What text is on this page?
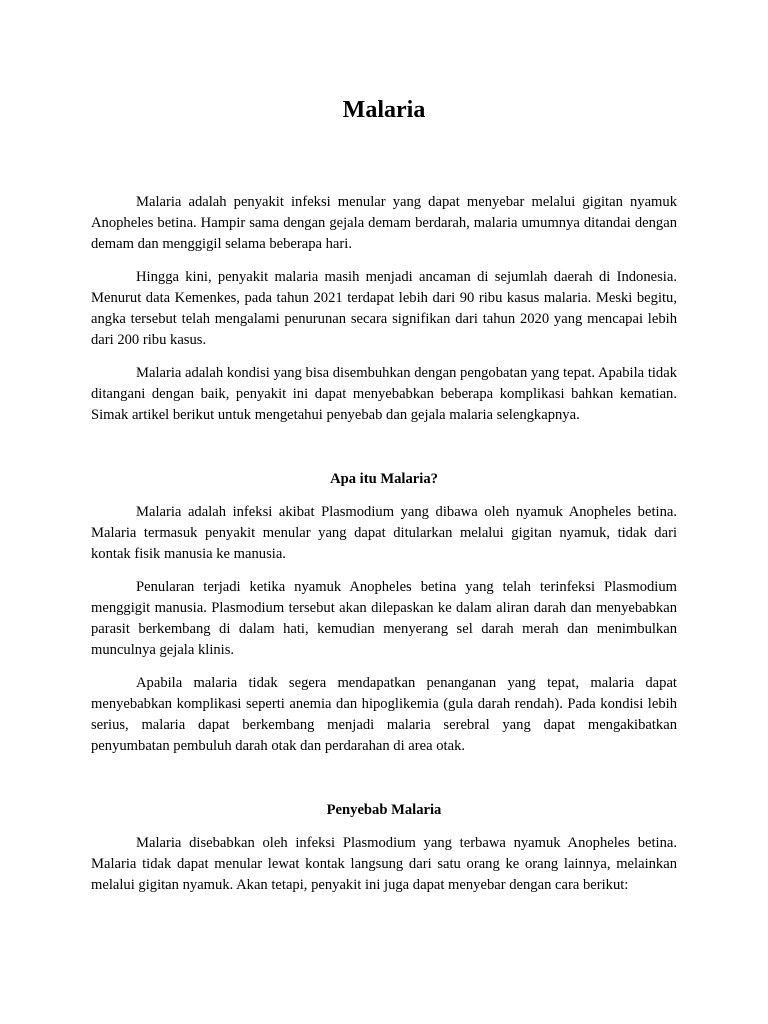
Malaria

Malaria adalah penyakit infeksi menular yang dapat menyebar melalui gigitan nyamuk Anopheles betina. Hampir sama dengan gejala demam berdarah, malaria umumnya ditandai dengan demam dan menggigil selama beberapa hari.

Hingga kini, penyakit malaria masih menjadi ancaman di sejumlah daerah di Indonesia. Menurut data Kemenkes, pada tahun 2021 terdapat lebih dari 90 ribu kasus malaria. Meski begitu, angka tersebut telah mengalami penurunan secara signifikan dari tahun 2020 yang mencapai lebih dari 200 ribu kasus.

Malaria adalah kondisi yang bisa disembuhkan dengan pengobatan yang tepat. Apabila tidak ditangani dengan baik, penyakit ini dapat menyebabkan beberapa komplikasi bahkan kematian. Simak artikel berikut untuk mengetahui penyebab dan gejala malaria selengkapnya.

Apa itu Malaria?

Malaria adalah infeksi akibat Plasmodium yang dibawa oleh nyamuk Anopheles betina. Malaria termasuk penyakit menular yang dapat ditularkan melalui gigitan nyamuk, tidak dari kontak fisik manusia ke manusia.

Penularan terjadi ketika nyamuk Anopheles betina yang telah terinfeksi Plasmodium menggigit manusia. Plasmodium tersebut akan dilepaskan ke dalam aliran darah dan menyebabkan parasit berkembang di dalam hati, kemudian menyerang sel darah merah dan menimbulkan munculnya gejala klinis.

Apabila malaria tidak segera mendapatkan penanganan yang tepat, malaria dapat menyebabkan komplikasi seperti anemia dan hipoglikemia (gula darah rendah). Pada kondisi lebih serius, malaria dapat berkembang menjadi malaria serebral yang dapat mengakibatkan penyumbatan pembuluh darah otak dan perdarahan di area otak.

Penyebab Malaria

Malaria disebabkan oleh infeksi Plasmodium yang terbawa nyamuk Anopheles betina. Malaria tidak dapat menular lewat kontak langsung dari satu orang ke orang lainnya, melainkan melalui gigitan nyamuk. Akan tetapi, penyakit ini juga dapat menyebar dengan cara berikut:
